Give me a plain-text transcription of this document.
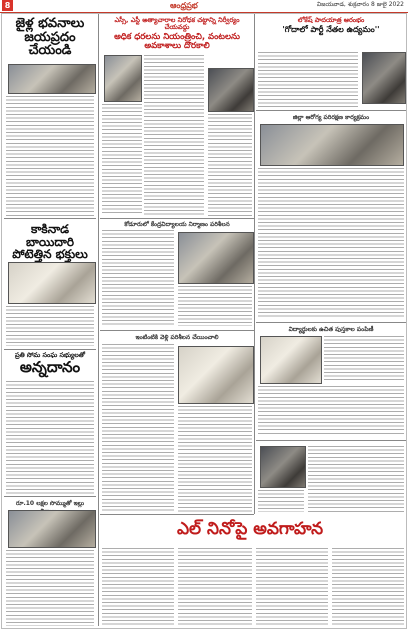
8	ఆంధ్రప్రభ	విజయవాడ, శుక్రవారం 8 జులై 2022
జైళ్ల భవనాలు జయప్రదం చేయండి
కాకినాడ బాయిదారి పోటెత్తిన భక్తులు
ప్రతి సోమ సంఘ సభ్యులతో
అన్నదానం
రూ.10 లక్షల సొమ్ముతో ఇల్లు
ఎస్సీ, ఎస్టీ అత్యాచారాల నిరోధక చట్టాన్ని నిర్వీర్యం చేయవద్దు
అధిక ధరలను నియంత్రించి, వంటలను అవకాశాలు దొరకాలి
కోడూరులో కేంద్రవిద్యాలయ నిర్మాణం పరిశీలన
ఇంటింటికి వెళ్లి పరిశీలన చేయించాలి
ఎల్ నినోపై అవగాహన
లోకేష్ పాదయాత్ర ఆరంభం
'గోదాలో పార్టీ నేతల ఉద్యమం''
జిల్లా ఆరోగ్య పరిరక్షణ కార్యక్రమం
విద్యార్థులకు ఉచిత పుస్తకాల పంపిణీ
